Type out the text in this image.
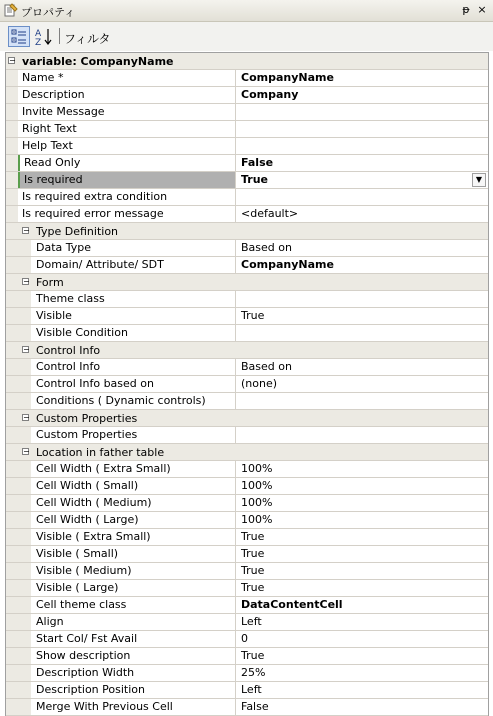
プロパティ	ᵽ ×
A
Z フィルタ
− variable: CompanyName
Name *	CompanyName
Description	Company
Invite Message
Right Text
Help Text
Read Only	False
Is required	True	▼
Is required extra condition
Is required error message	<default>
− Type Definition
Data Type	Based on
Domain/ Attribute/ SDT	CompanyName
− Form
Theme class
Visible	True
Visible Condition
− Control Info
Control Info	Based on
Control Info based on	(none)
Conditions ( Dynamic controls)
− Custom Properties
Custom Properties
− Location in father table
Cell Width ( Extra Small)	100%
Cell Width ( Small)	100%
Cell Width ( Medium)	100%
Cell Width ( Large)	100%
Visible ( Extra Small)	True
Visible ( Small)	True
Visible ( Medium)	True
Visible ( Large)	True
Cell theme class	DataContentCell
Align	Left
Start Col/ Fst Avail	0
Show description	True
Description Width	25%
Description Position	Left
Merge With Previous Cell	False
